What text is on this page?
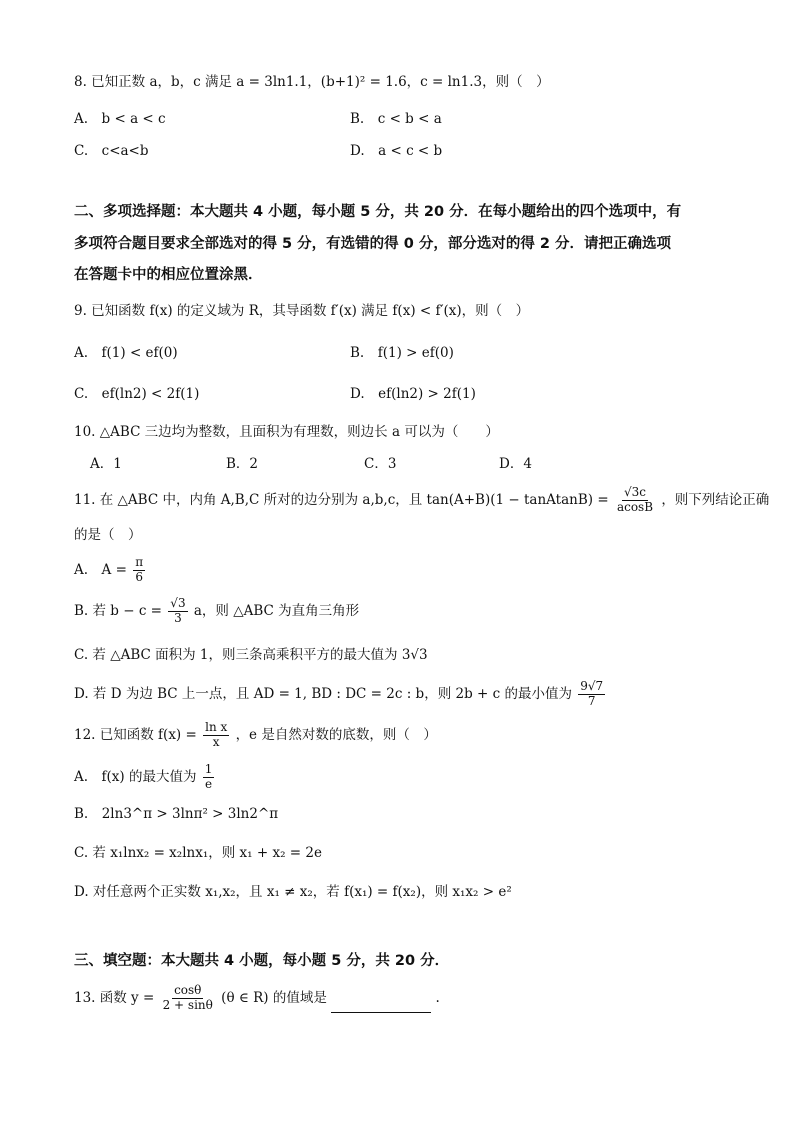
8. 已知正数 a，b，c 满足 a = 3ln1.1，(b+1)² = 1.6，c = ln1.3，则（　）
A.　b < a < c	B.　c < b < a
C.　c<a<b	D.　a < c < b
二、多项选择题：本大题共 4 小题，每小题 5 分，共 20 分．在每小题给出的四个选项中，有
多项符合题目要求全部选对的得 5 分，有选错的得 0 分，部分选对的得 2 分．请把正确选项
在答题卡中的相应位置涂黑．
9. 已知函数 f(x) 的定义域为 R，其导函数 f′(x) 满足 f(x) < f′(x)，则（　）
A.　f(1) < ef(0)	B.　f(1) > ef(0)
C.　ef(ln2) < 2f(1)	D.　ef(ln2) > 2f(1)
10. △ABC 三边均为整数，且面积为有理数，则边长 a 可以为（　　）
A．1	B．2	C．3	D．4
11. 在 △ABC 中，内角 A,B,C 所对的边分别为 a,b,c，且 tan(A+B)(1 − tanAtanB) = $\frac{√3c}{acosB}$ ，则下列结论正确
的是（　）
A.　$A = \frac{\pi}{6}$
B. 若 $b - c = \frac{√3}{3}$ a，则 △ABC 为直角三角形
C. 若 △ABC 面积为 1，则三条高乘积平方的最大值为 3√3
D. 若 D 为边 BC 上一点，且 AD = 1, BD : DC = 2c : b，则 2b + c 的最小值为 $\frac{9√7}{7}$
12. 已知函数 $f(x) = \frac{\text{ln x}}{x}$ ，e 是自然对数的底数，则（　）
A.　f(x) 的最大值为 $\frac{1}{e}$
B.　2ln3^π > 3lnπ² > 3ln2^π
C. 若 x₁lnx₂ = x₂lnx₁，则 x₁ + x₂ = 2e
D. 对任意两个正实数 x₁,x₂，且 x₁ ≠ x₂，若 f(x₁) = f(x₂)，则 x₁x₂ > e²
三、填空题：本大题共 4 小题，每小题 5 分，共 20 分．
13. 函数 $y = \frac{\cos\theta}{2 + \sin\theta} (\theta$ ∈ R) 的值域是	.
